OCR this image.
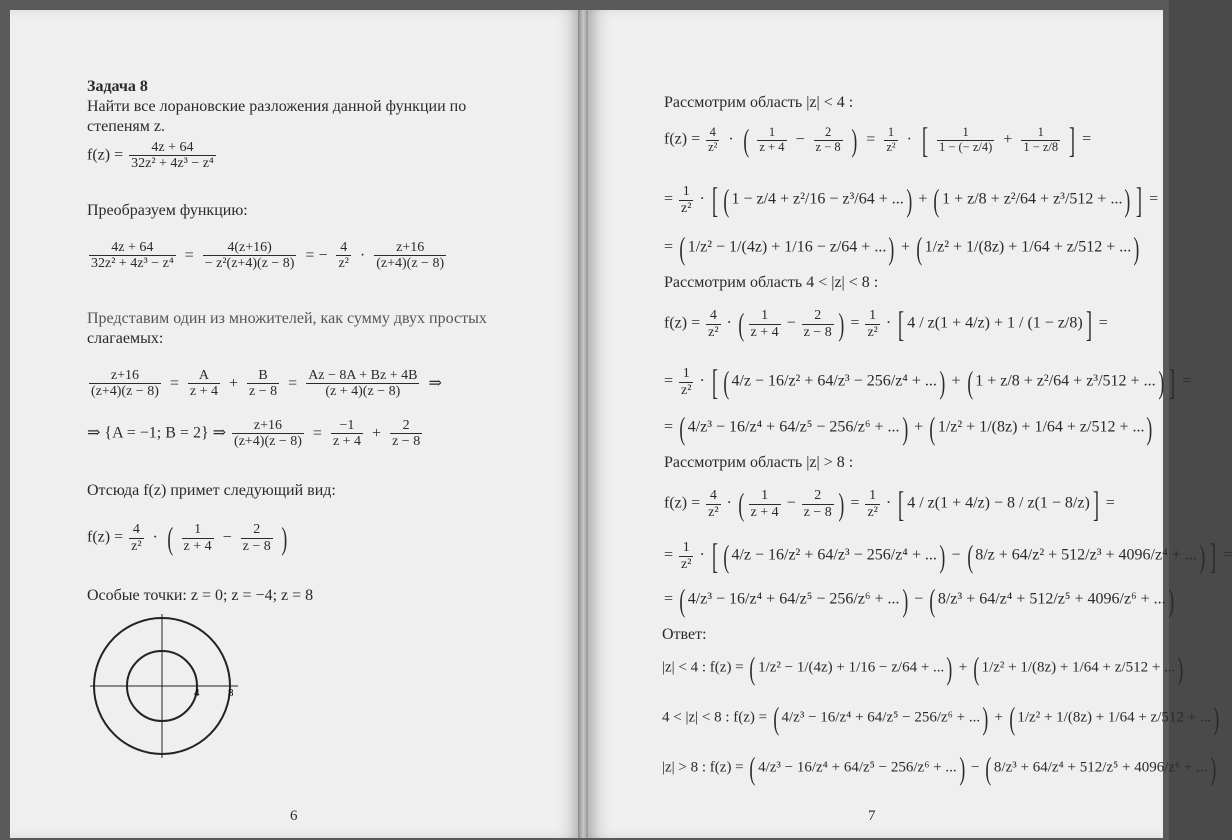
Задача 8
Найти все лорановские разложения данной функции по
степеням z.
$f(z) = \frac{4z + 64}{\text{32z² + 4z³ − z⁴}}$
Преобразуем функцию:
$\frac{4z + 64}{\text{32z² + 4z³ − z⁴}} = \frac{4(z+16)}{\text{− z²(z+4)(z − 8)}}$ = − $\frac{4}{\text{z²}} \cdot \frac{z+16}{(z+4)(z - 8)}$
Представим один из множителей, как сумму двух простых
слагаемых:
$\frac{z+16}{(z+4)(z - 8)} = \frac{A}{z + 4} + \frac{B}{z - 8} = \frac{Az - 8A + Bz + 4B}{(z + 4)(z - 8)}$ ⇒
⇒ {A = −1; B = 2} ⇒ $\frac{z+16}{(z+4)(z - 8)} = \frac{-1}{z + 4} + \frac{2}{z - 8}$
Отсюда f(z) примет следующий вид:
$f(z) = \frac{4}{\text{z²}}$ · ( $\frac{1}{z + 4} - \frac{2}{z - 8}$ )
Особые точки: z = 0; z = −4; z = 8
4	8
6
Рассмотрим область |z| < 4 :
$f(z) = \frac{4}{\text{z²}}$ · ( $\frac{1}{z + 4} - \frac{2}{z - 8}$ ) = $\frac{1}{\text{z²}}$ · [ $\frac{1}{1 - (- z/4)} + \frac{1}{1 - z/8}$ ] =
= $\frac{1}{\text{z²}}$ · [ ( 1 − z/4 + z²/16 − z³/64 + ...) + ( 1 + z/8 + z²/64 + z³/512 + ...) ] =
= ( 1/z² − 1/(4z) + 1/16 − z/64 + ...) + ( 1/z² + 1/(8z) + 1/64 + z/512 + ...)
Рассмотрим область 4 < |z| < 8 :
$f(z) = \frac{4}{\text{z²}}$ · ( $\frac{1}{z + 4} - \frac{2}{z - 8}$ ) = $\frac{1}{\text{z²}}$ · [ 4 / z(1 + 4/z) + 1 / (1 − z/8)] =
= $\frac{1}{\text{z²}}$ · [ ( 4/z − 16/z² + 64/z³ − 256/z⁴ + ...) + ( 1 + z/8 + z²/64 + z³/512 + ...) ] =
= ( 4/z³ − 16/z⁴ + 64/z⁵ − 256/z⁶ + ...) + ( 1/z² + 1/(8z) + 1/64 + z/512 + ...)
Рассмотрим область |z| > 8 :
$f(z) = \frac{4}{\text{z²}}$ · ( $\frac{1}{z + 4} - \frac{2}{z - 8}$ ) = $\frac{1}{\text{z²}}$ · [ 4 / z(1 + 4/z) − 8 / z(1 − 8/z)] =
= $\frac{1}{\text{z²}}$ · [ ( 4/z − 16/z² + 64/z³ − 256/z⁴ + ...) − ( 8/z + 64/z² + 512/z³ + 4096/z⁴ + ...) ] =
= ( 4/z³ − 16/z⁴ + 64/z⁵ − 256/z⁶ + ...) − ( 8/z³ + 64/z⁴ + 512/z⁵ + 4096/z⁶ + ...)
Ответ:
|z| < 4 : f(z) = ( 1/z² − 1/(4z) + 1/16 − z/64 + ...) + ( 1/z² + 1/(8z) + 1/64 + z/512 + ...)
4 < |z| < 8 : f(z) = ( 4/z³ − 16/z⁴ + 64/z⁵ − 256/z⁶ + ...) + ( 1/z² + 1/(8z) + 1/64 + z/512 + ...)
|z| > 8 : f(z) = ( 4/z³ − 16/z⁴ + 64/z⁵ − 256/z⁶ + ...) − ( 8/z³ + 64/z⁴ + 512/z⁵ + 4096/z⁶ + ...)
7
